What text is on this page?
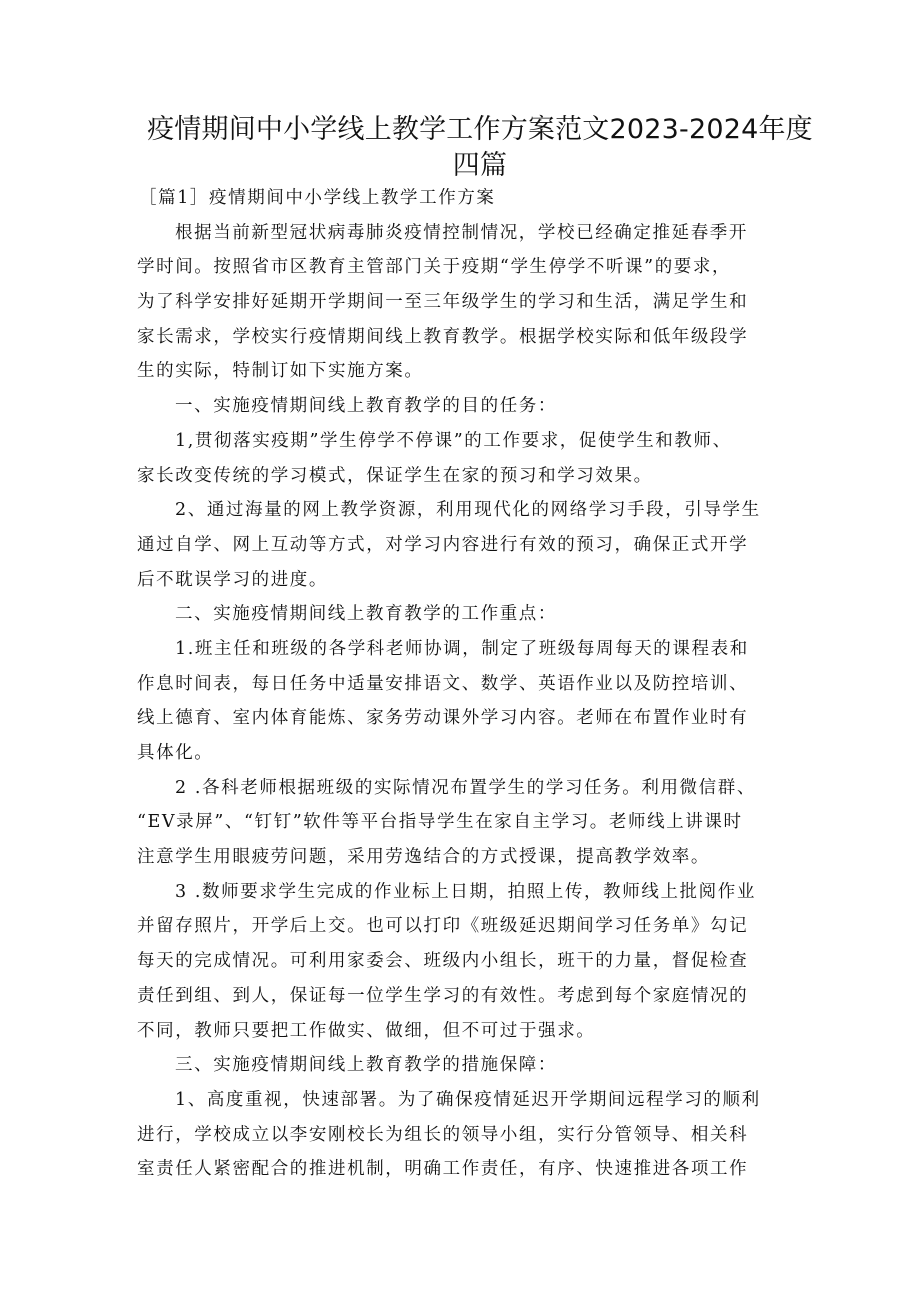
疫情期间中小学线上教学工作方案范文2023-2024年度
四篇
［篇1］疫情期间中小学线上教学工作方案
根据当前新型冠状病毒肺炎疫情控制情况，学校已经确定推延春季开
学时间。按照省市区教育主管部门关于疫期“学生停学不听课”的要求，
为了科学安排好延期开学期间一至三年级学生的学习和生活，满足学生和
家长需求，学校实行疫情期间线上教育教学。根据学校实际和低年级段学
生的实际，特制订如下实施方案。
一、实施疫情期间线上教育教学的目的任务：
1,贯彻落实疫期”学生停学不停课”的工作要求，促使学生和教师、
家长改变传统的学习模式，保证学生在家的预习和学习效果。
2、通过海量的网上教学资源，利用现代化的网络学习手段，引导学生
通过自学、网上互动等方式，对学习内容进行有效的预习，确保正式开学
后不耽误学习的进度。
二、实施疫情期间线上教育教学的工作重点：
1.班主任和班级的各学科老师协调，制定了班级每周每天的课程表和
作息时间表，每日任务中适量安排语文、数学、英语作业以及防控培训、
线上德育、室内体育能炼、家务劳动课外学习内容。老师在布置作业时有
具体化。
2 .各科老师根据班级的实际情况布置学生的学习任务。利用微信群、
“EV录屏”、“钉钉”软件等平台指导学生在家自主学习。老师线上讲课时
注意学生用眼疲劳问题，采用劳逸结合的方式授课，提高教学效率。
3 .数师要求学生完成的作业标上日期，拍照上传，教师线上批阅作业
并留存照片，开学后上交。也可以打印《班级延迟期间学习任务单》勾记
每天的完成情况。可利用家委会、班级内小组长，班干的力量，督促检查
责任到组、到人，保证每一位学生学习的有效性。考虑到每个家庭情况的
不同，教师只要把工作做实、做细，但不可过于强求。
三、实施疫情期间线上教育教学的措施保障：
1、高度重视，快速部署。为了确保疫情延迟开学期间远程学习的顺利
进行，学校成立以李安刚校长为组长的领导小组，实行分管领导、相关科
室责任人紧密配合的推进机制，明确工作责任，有序、快速推进各项工作
